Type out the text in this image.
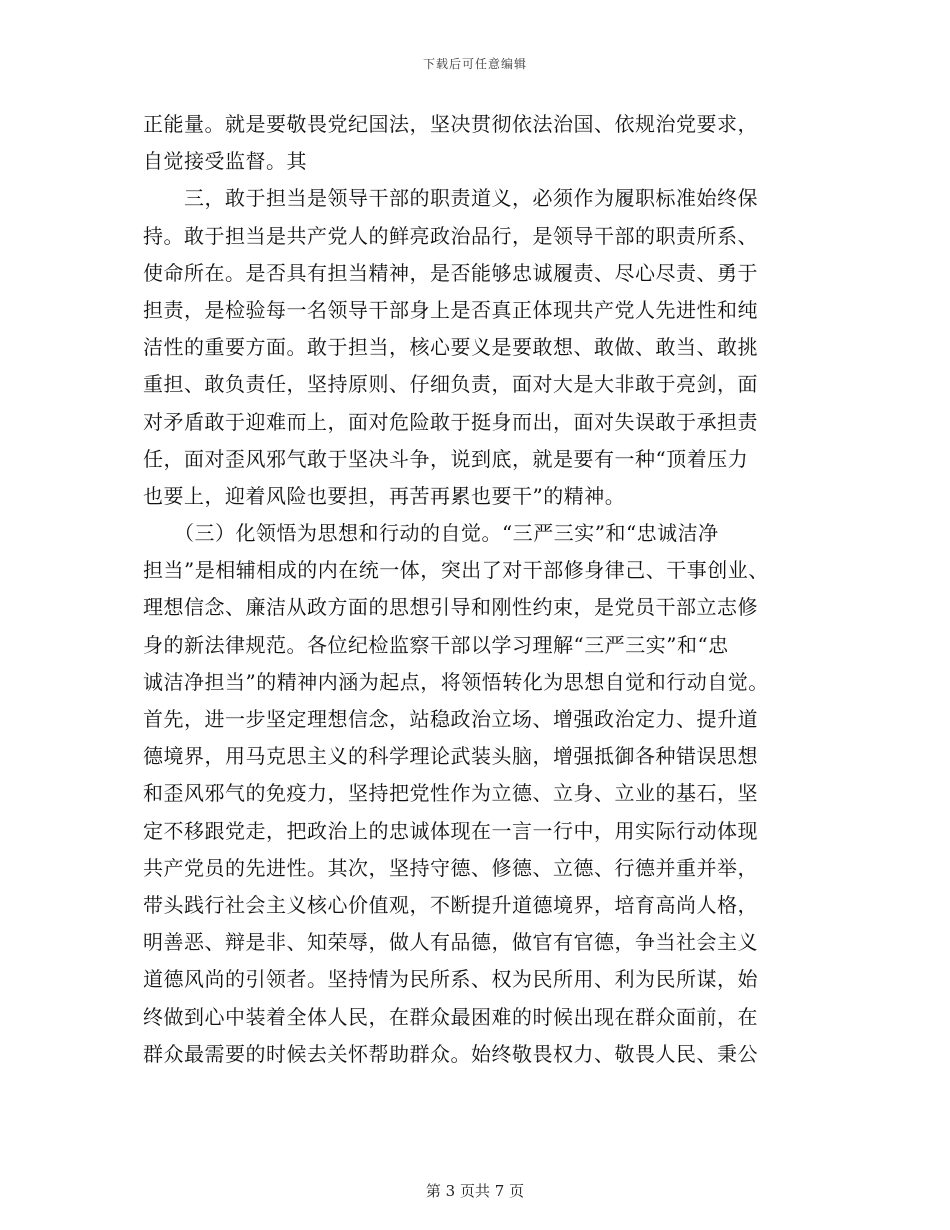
下载后可任意编辑
正能量。就是要敬畏党纪国法，坚决贯彻依法治国、依规治党要求，
自觉接受监督。其
　　三，敢于担当是领导干部的职责道义，必须作为履职标准始终保
持。敢于担当是共产党人的鲜亮政治品行，是领导干部的职责所系、
使命所在。是否具有担当精神，是否能够忠诚履责、尽心尽责、勇于
担责，是检验每一名领导干部身上是否真正体现共产党人先进性和纯
洁性的重要方面。敢于担当，核心要义是要敢想、敢做、敢当、敢挑
重担、敢负责任，坚持原则、仔细负责，面对大是大非敢于亮剑，面
对矛盾敢于迎难而上，面对危险敢于挺身而出，面对失误敢于承担责
任，面对歪风邪气敢于坚决斗争，说到底，就是要有一种“顶着压力
也要上，迎着风险也要担，再苦再累也要干”的精神。
　　（三）化领悟为思想和行动的自觉。“三严三实”和“忠诚洁净
担当”是相辅相成的内在统一体，突出了对干部修身律己、干事创业、
理想信念、廉洁从政方面的思想引导和刚性约束，是党员干部立志修
身的新法律规范。各位纪检监察干部以学习理解“三严三实”和“忠
诚洁净担当”的精神内涵为起点，将领悟转化为思想自觉和行动自觉。
首先，进一步坚定理想信念，站稳政治立场、增强政治定力、提升道
德境界，用马克思主义的科学理论武装头脑，增强抵御各种错误思想
和歪风邪气的免疫力，坚持把党性作为立德、立身、立业的基石，坚
定不移跟党走，把政治上的忠诚体现在一言一行中，用实际行动体现
共产党员的先进性。其次，坚持守德、修德、立德、行德并重并举，
带头践行社会主义核心价值观，不断提升道德境界，培育高尚人格，
明善恶、辩是非、知荣辱，做人有品德，做官有官德，争当社会主义
道德风尚的引领者。坚持情为民所系、权为民所用、利为民所谋，始
终做到心中装着全体人民，在群众最困难的时候出现在群众面前，在
群众最需要的时候去关怀帮助群众。始终敬畏权力、敬畏人民、秉公
第 3 页共 7 页
